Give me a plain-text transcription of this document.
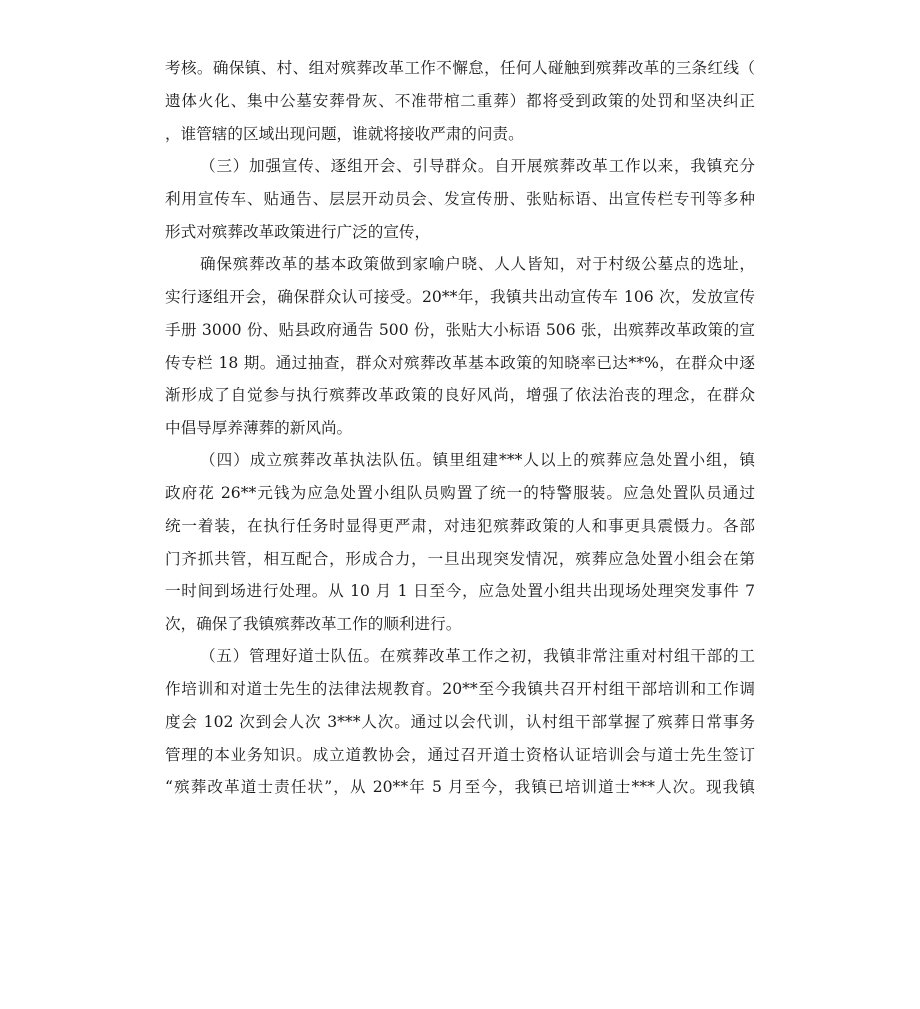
考核。确保镇、村、组对殡葬改革工作不懈怠，任何人碰触到殡葬改革的三条红线（
遗体火化、集中公墓安葬骨灰、不准带棺二重葬）都将受到政策的处罚和坚决纠正
，谁管辖的区域出现问题，谁就将接收严肃的问责。
（三）加强宣传、逐组开会、引导群众。自开展殡葬改革工作以来，我镇充分
利用宣传车、贴通告、层层开动员会、发宣传册、张贴标语、出宣传栏专刊等多种
形式对殡葬改革政策进行广泛的宣传，
确保殡葬改革的基本政策做到家喻户晓、人人皆知，对于村级公墓点的选址，
实行逐组开会，确保群众认可接受。20**年，我镇共出动宣传车 106 次，发放宣传
手册 3000 份、贴县政府通告 500 份，张贴大小标语 506 张，出殡葬改革政策的宣
传专栏 18 期。通过抽查，群众对殡葬改革基本政策的知晓率已达**%，在群众中逐
渐形成了自觉参与执行殡葬改革政策的良好风尚，增强了依法治丧的理念，在群众
中倡导厚养薄葬的新风尚。
（四）成立殡葬改革执法队伍。镇里组建***人以上的殡葬应急处置小组，镇
政府花 26**元钱为应急处置小组队员购置了统一的特警服装。应急处置队员通过
统一着装，在执行任务时显得更严肃，对违犯殡葬政策的人和事更具震慑力。各部
门齐抓共管，相互配合，形成合力，一旦出现突发情况，殡葬应急处置小组会在第
一时间到场进行处理。从 10 月 1 日至今，应急处置小组共出现场处理突发事件 7
次，确保了我镇殡葬改革工作的顺利进行。
（五）管理好道士队伍。在殡葬改革工作之初，我镇非常注重对村组干部的工
作培训和对道士先生的法律法规教育。20**至今我镇共召开村组干部培训和工作调
度会 102 次到会人次 3***人次。通过以会代训，认村组干部掌握了殡葬日常事务
管理的本业务知识。成立道教协会，通过召开道士资格认证培训会与道士先生签订
“殡葬改革道士责任状”，从 20**年 5 月至今，我镇已培训道士***人次。现我镇
